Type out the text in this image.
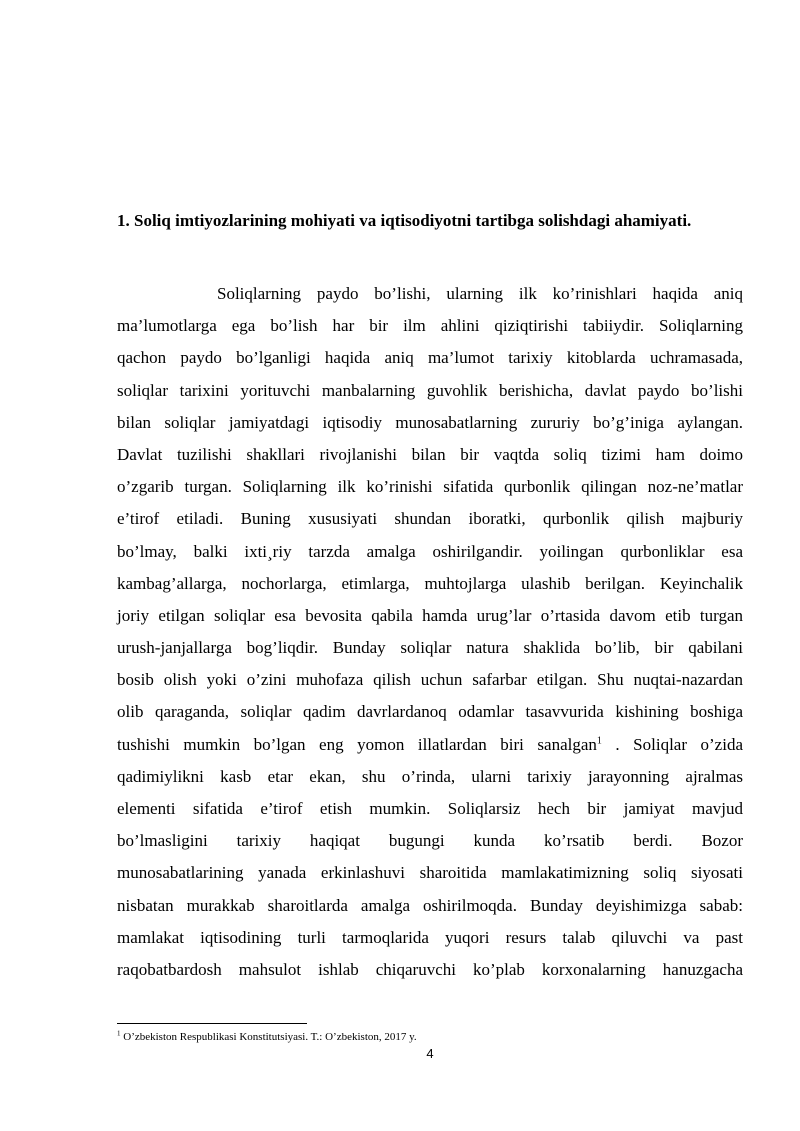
1. Soliq imtiyozlarining mohiyati va iqtisodiyotni tartibga solishdagi ahamiyati.
Soliqlarning paydo bo’lishi, ularning ilk ko’rinishlari haqida aniq
ma’lumotlarga ega bo’lish har bir ilm ahlini qiziqtirishi tabiiydir. Soliqlarning
qachon paydo bo’lganligi haqida aniq ma’lumot tarixiy kitoblarda uchramasada,
soliqlar tarixini yorituvchi manbalarning guvohlik berishicha, davlat paydo bo’lishi
bilan soliqlar jamiyatdagi iqtisodiy munosabatlarning zururiy bo’g’iniga aylangan.
Davlat tuzilishi shakllari rivojlanishi bilan bir vaqtda soliq tizimi ham doimo
o’zgarib turgan. Soliqlarning ilk ko’rinishi sifatida qurbonlik qilingan noz-ne’matlar
e’tirof etiladi. Buning xususiyati shundan iboratki, qurbonlik qilish majburiy
bo’lmay, balki ixti¸riy tarzda amalga oshirilgandir. yoilingan qurbonliklar esa
kambag’allarga, nochorlarga, etimlarga, muhtojlarga ulashib berilgan. Keyinchalik
joriy etilgan soliqlar esa bevosita qabila hamda urug’lar o’rtasida davom etib turgan
urush-janjallarga bog’liqdir. Bunday soliqlar natura shaklida bo’lib, bir qabilani
bosib olish yoki o’zini muhofaza qilish uchun safarbar etilgan. Shu nuqtai-nazardan
olib qaraganda, soliqlar qadim davrlardanoq odamlar tasavvurida kishining boshiga
tushishi mumkin bo’lgan eng yomon illatlardan biri sanalgan$^1$ . Soliqlar o’zida
qadimiylikni kasb etar ekan, shu o’rinda, ularni tarixiy jarayonning ajralmas
elementi sifatida e’tirof etish mumkin. Soliqlarsiz hech bir jamiyat mavjud
bo’lmasligini tarixiy haqiqat bugungi kunda ko’rsatib berdi. Bozor
munosabatlarining yanada erkinlashuvi sharoitida mamlakatimizning soliq siyosati
nisbatan murakkab sharoitlarda amalga oshirilmoqda. Bunday deyishimizga sabab:
mamlakat iqtisodining turli tarmoqlarida yuqori resurs talab qiluvchi va past
raqobatbardosh mahsulot ishlab chiqaruvchi ko’plab korxonalarning hanuzgacha
$^1$ O’zbekiston Respublikasi Konstitutsiyasi. T.: O’zbekiston, 2017 y.
4
